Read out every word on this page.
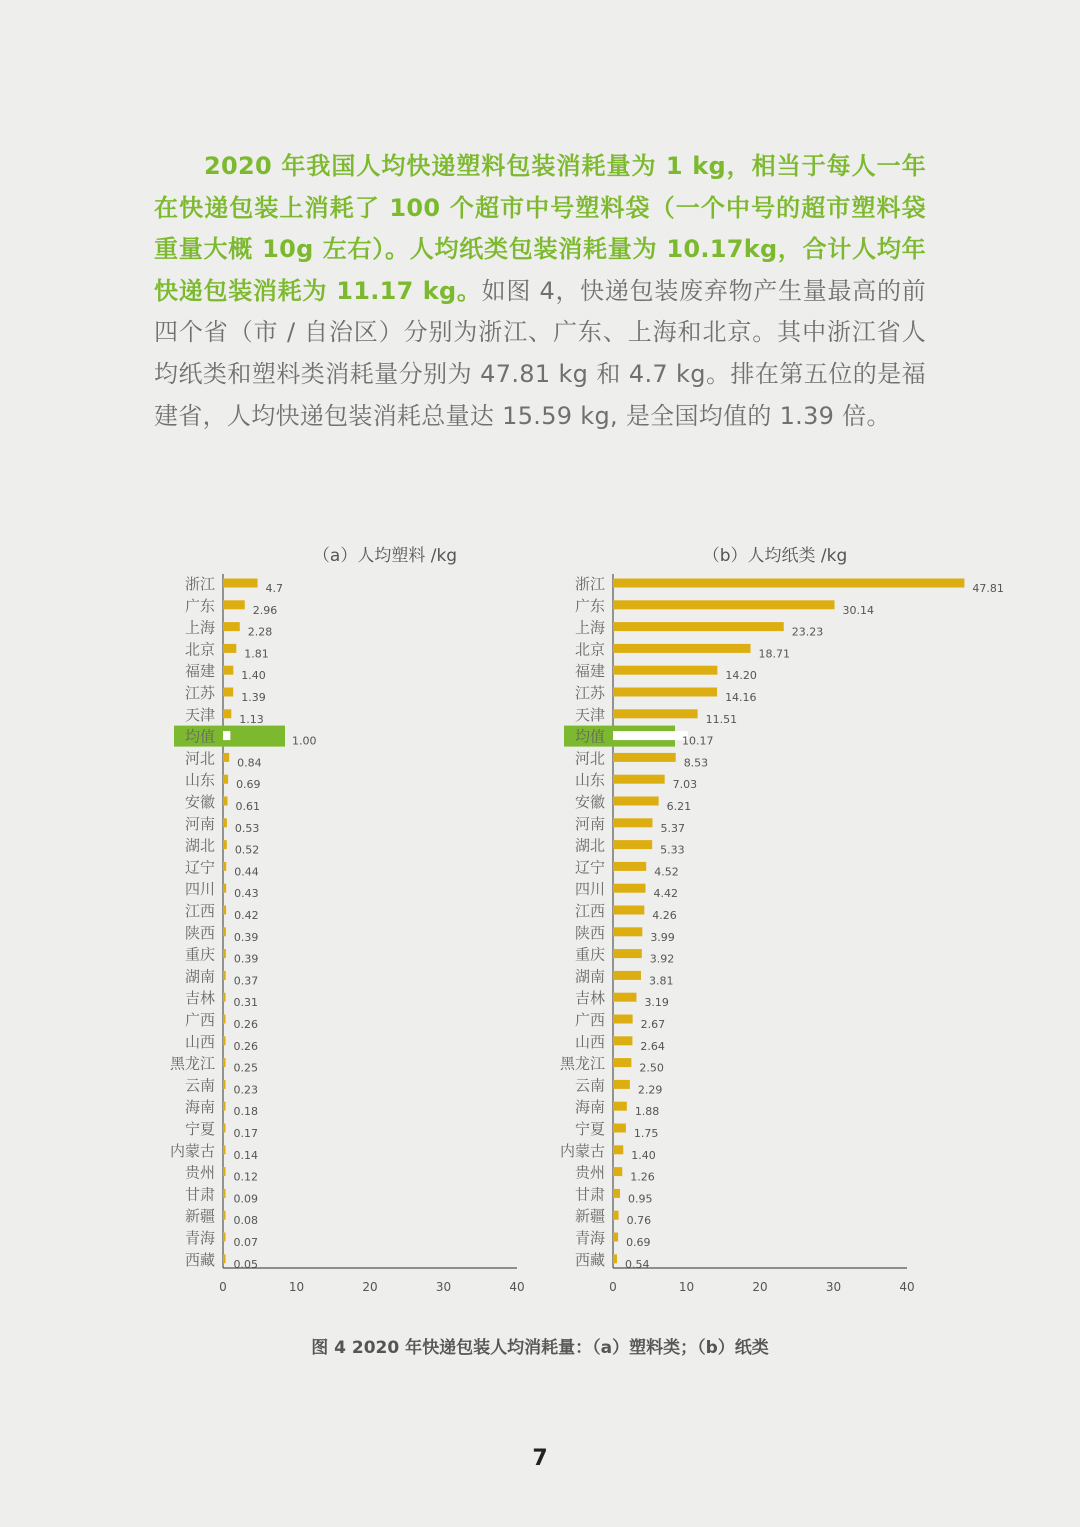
2020 年我国人均快递塑料包装消耗量为 1 kg，相当于每人一年在快递包装上消耗了 100 个超市中号塑料袋（一个中号的超市塑料袋重量大概 10g 左右）。人均纸类包装消耗量为 10.17kg，合计人均年快递包装消耗为 11.17 kg。如图 4，快递包装废弃物产生量最高的前四个省（市 / 自治区）分别为浙江、广东、上海和北京。其中浙江省人均纸类和塑料类消耗量分别为 47.81 kg 和 4.7 kg。排在第五位的是福建省，人均快递包装消耗总量达 15.59 kg, 是全国均值的 1.39 倍。
（a）人均塑料 /kg
浙江	4.7
广东	2.96
上海	2.28
北京	1.81
福建 1.40
江苏 1.39
天津 1.13
均值	1.00
河北 0.84
山东 0.69
安徽 0.61
河南 0.53
湖北 0.52
辽宁 0.44
四川 0.43
江西 0.42
陕西 0.39
重庆 0.39
湖南 0.37
吉林 0.31
广西 0.26
山西 0.26
黑龙江 0.25
云南 0.23
海南 0.18
宁夏 0.17
内蒙古 0.14
贵州 0.12
甘肃 0.09
新疆 0.08
青海 0.07
西藏 0.05
0	10	20	30	40
（b）人均纸类 /kg
浙江	47.81
广东	30.14
上海	23.23
北京	18.71
福建	14.20
江苏	14.16
天津	11.51
均值	10.17
河北	8.53
山东	7.03
安徽	6.21
河南	5.37
湖北	5.33
辽宁	4.52
四川	4.42
江西	4.26
陕西	3.99
重庆	3.92
湖南	3.81
吉林	3.19
广西	2.67
山西	2.64
黑龙江	2.50
云南	2.29
海南	1.88
宁夏	1.75
内蒙古 1.40
贵州 1.26
甘肃 0.95
新疆 0.76
青海 0.69
西藏 0.54
0	10	20	30	40
图 4 2020 年快递包装人均消耗量：（a）塑料类；（b）纸类
7
